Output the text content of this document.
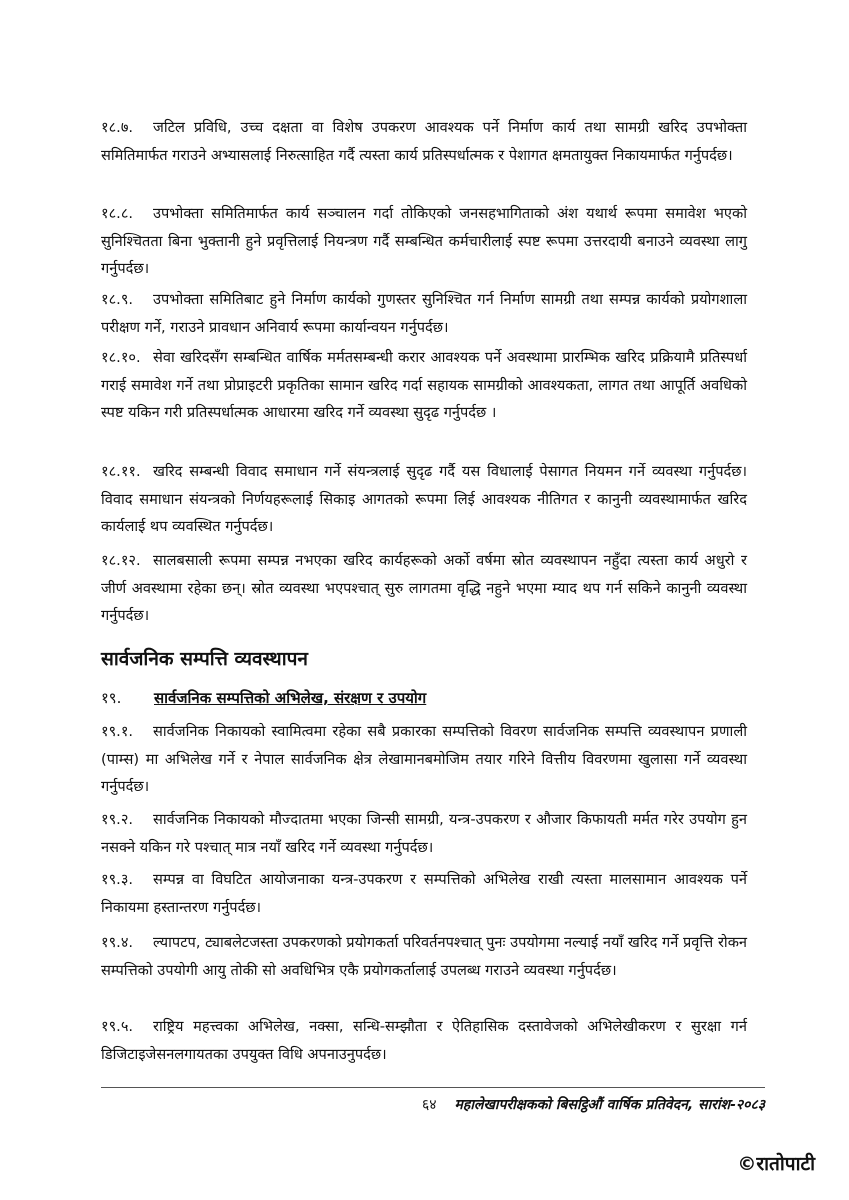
१८.७.	जटिल प्रविधि, उच्च दक्षता वा विशेष उपकरण आवश्यक पर्ने निर्माण कार्य तथा सामग्री खरिद उपभोक्ता समितिमार्फत गराउने अभ्यासलाई निरुत्साहित गर्दै त्यस्ता कार्य प्रतिस्पर्धात्मक र पेशागत क्षमतायुक्त निकायमार्फत गर्नुपर्दछ।
१८.८.	उपभोक्ता समितिमार्फत कार्य सञ्चालन गर्दा तोकिएको जनसहभागिताको अंश यथार्थ रूपमा समावेश भएको सुनिश्चितता बिना भुक्तानी हुने प्रवृत्तिलाई नियन्त्रण गर्दै सम्बन्धित कर्मचारीलाई स्पष्ट रूपमा उत्तरदायी बनाउने व्यवस्था लागु गर्नुपर्दछ।
१८.९.	उपभोक्ता समितिबाट हुने निर्माण कार्यको गुणस्तर सुनिश्चित गर्न निर्माण सामग्री तथा सम्पन्न कार्यको प्रयोगशाला परीक्षण गर्ने, गराउने प्रावधान अनिवार्य रूपमा कार्यान्वयन गर्नुपर्दछ।
१८.१०. सेवा खरिदसँग सम्बन्धित वार्षिक मर्मतसम्बन्धी करार आवश्यक पर्ने अवस्थामा प्रारम्भिक खरिद प्रक्रियामै प्रतिस्पर्धा गराई समावेश गर्ने तथा प्रोप्राइटरी प्रकृतिका सामान खरिद गर्दा सहायक सामग्रीको आवश्यकता, लागत तथा आपूर्ति अवधिको स्पष्ट यकिन गरी प्रतिस्पर्धात्मक आधारमा खरिद गर्ने व्यवस्था सुदृढ गर्नुपर्दछ ।
१८.११. खरिद सम्बन्धी विवाद समाधान गर्ने संयन्त्रलाई सुदृढ गर्दै यस विधालाई पेसागत नियमन गर्ने व्यवस्था गर्नुपर्दछ। विवाद समाधान संयन्त्रको निर्णयहरूलाई सिकाइ आगतको रूपमा लिई आवश्यक नीतिगत र कानुनी व्यवस्थामार्फत खरिद कार्यलाई थप व्यवस्थित गर्नुपर्दछ।
१८.१२. सालबसाली रूपमा सम्पन्न नभएका खरिद कार्यहरूको अर्को वर्षमा स्रोत व्यवस्थापन नहुँदा त्यस्ता कार्य अधुरो र जीर्ण अवस्थामा रहेका छन्। स्रोत व्यवस्था भएपश्चात् सुरु लागतमा वृद्धि नहुने भएमा म्याद थप गर्न सकिने कानुनी व्यवस्था गर्नुपर्दछ।
सार्वजनिक सम्पत्ति व्यवस्थापन
१९. सार्वजनिक सम्पत्तिको अभिलेख, संरक्षण र उपयोग
१९.१.	सार्वजनिक निकायको स्वामित्वमा रहेका सबै प्रकारका सम्पत्तिको विवरण सार्वजनिक सम्पत्ति व्यवस्थापन प्रणाली (पाम्स) मा अभिलेख गर्ने र नेपाल सार्वजनिक क्षेत्र लेखामानबमोजिम तयार गरिने वित्तीय विवरणमा खुलासा गर्ने व्यवस्था गर्नुपर्दछ।
१९.२.	सार्वजनिक निकायको मौज्दातमा भएका जिन्सी सामग्री, यन्त्र-उपकरण र औजार किफायती मर्मत गरेर उपयोग हुन नसक्ने यकिन गरे पश्चात् मात्र नयाँ खरिद गर्ने व्यवस्था गर्नुपर्दछ।
१९.३.	सम्पन्न वा विघटित आयोजनाका यन्त्र-उपकरण र सम्पत्तिको अभिलेख राखी त्यस्ता मालसामान आवश्यक पर्ने निकायमा हस्तान्तरण गर्नुपर्दछ।
१९.४.	ल्यापटप, ट्याबलेटजस्ता उपकरणको प्रयोगकर्ता परिवर्तनपश्चात् पुनः उपयोगमा नल्याई नयाँ खरिद गर्ने प्रवृत्ति रोकन सम्पत्तिको उपयोगी आयु तोकी सो अवधिभित्र एकै प्रयोगकर्तालाई उपलब्ध गराउने व्यवस्था गर्नुपर्दछ।
१९.५.	राष्ट्रिय महत्त्वका अभिलेख, नक्सा, सन्धि-सम्झौता र ऐतिहासिक दस्तावेजको अभिलेखीकरण र सुरक्षा गर्न डिजिटाइजेसनलगायतका उपयुक्त विधि अपनाउनुपर्दछ।
६४ महालेखापरीक्षकको बिसट्ठिऔं वार्षिक प्रतिवेदन, सारांश-२०८३
©रातोपाटी
